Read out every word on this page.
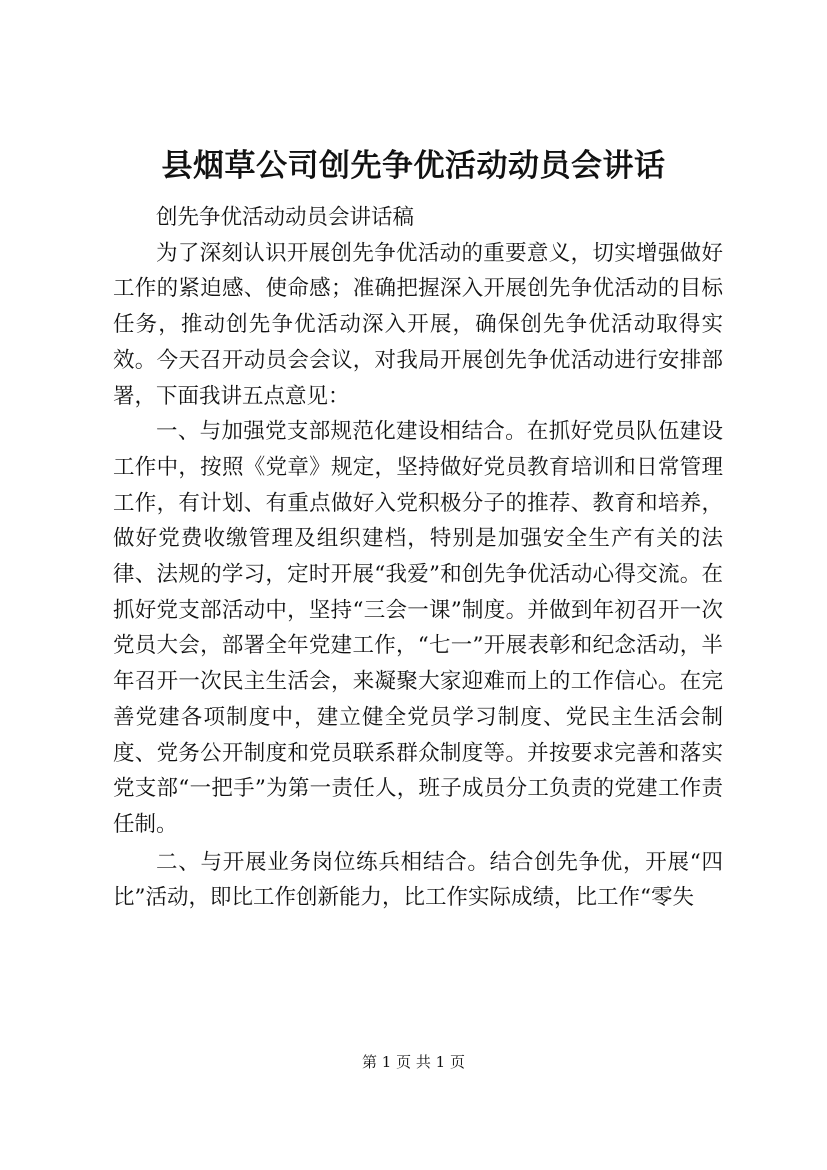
县烟草公司创先争优活动动员会讲话

创先争优活动动员会讲话稿

为了深刻认识开展创先争优活动的重要意义，切实增强做好工作的紧迫感、使命感；准确把握深入开展创先争优活动的目标任务，推动创先争优活动深入开展，确保创先争优活动取得实效。今天召开动员会会议，对我局开展创先争优活动进行安排部署，下面我讲五点意见：

一、与加强党支部规范化建设相结合。在抓好党员队伍建设工作中，按照《党章》规定，坚持做好党员教育培训和日常管理工作，有计划、有重点做好入党积极分子的推荐、教育和培养，做好党费收缴管理及组织建档，特别是加强安全生产有关的法律、法规的学习，定时开展“我爱”和创先争优活动心得交流。在抓好党支部活动中，坚持“三会一课”制度。并做到年初召开一次党员大会，部署全年党建工作，“七一”开展表彰和纪念活动，半年召开一次民主生活会，来凝聚大家迎难而上的工作信心。在完善党建各项制度中，建立健全党员学习制度、党民主生活会制度、党务公开制度和党员联系群众制度等。并按要求完善和落实党支部“一把手”为第一责任人，班子成员分工负责的党建工作责任制。

二、与开展业务岗位练兵相结合。结合创先争优，开展“四比”活动，即比工作创新能力，比工作实际成绩，比工作“零失

第 1 页 共 1 页
